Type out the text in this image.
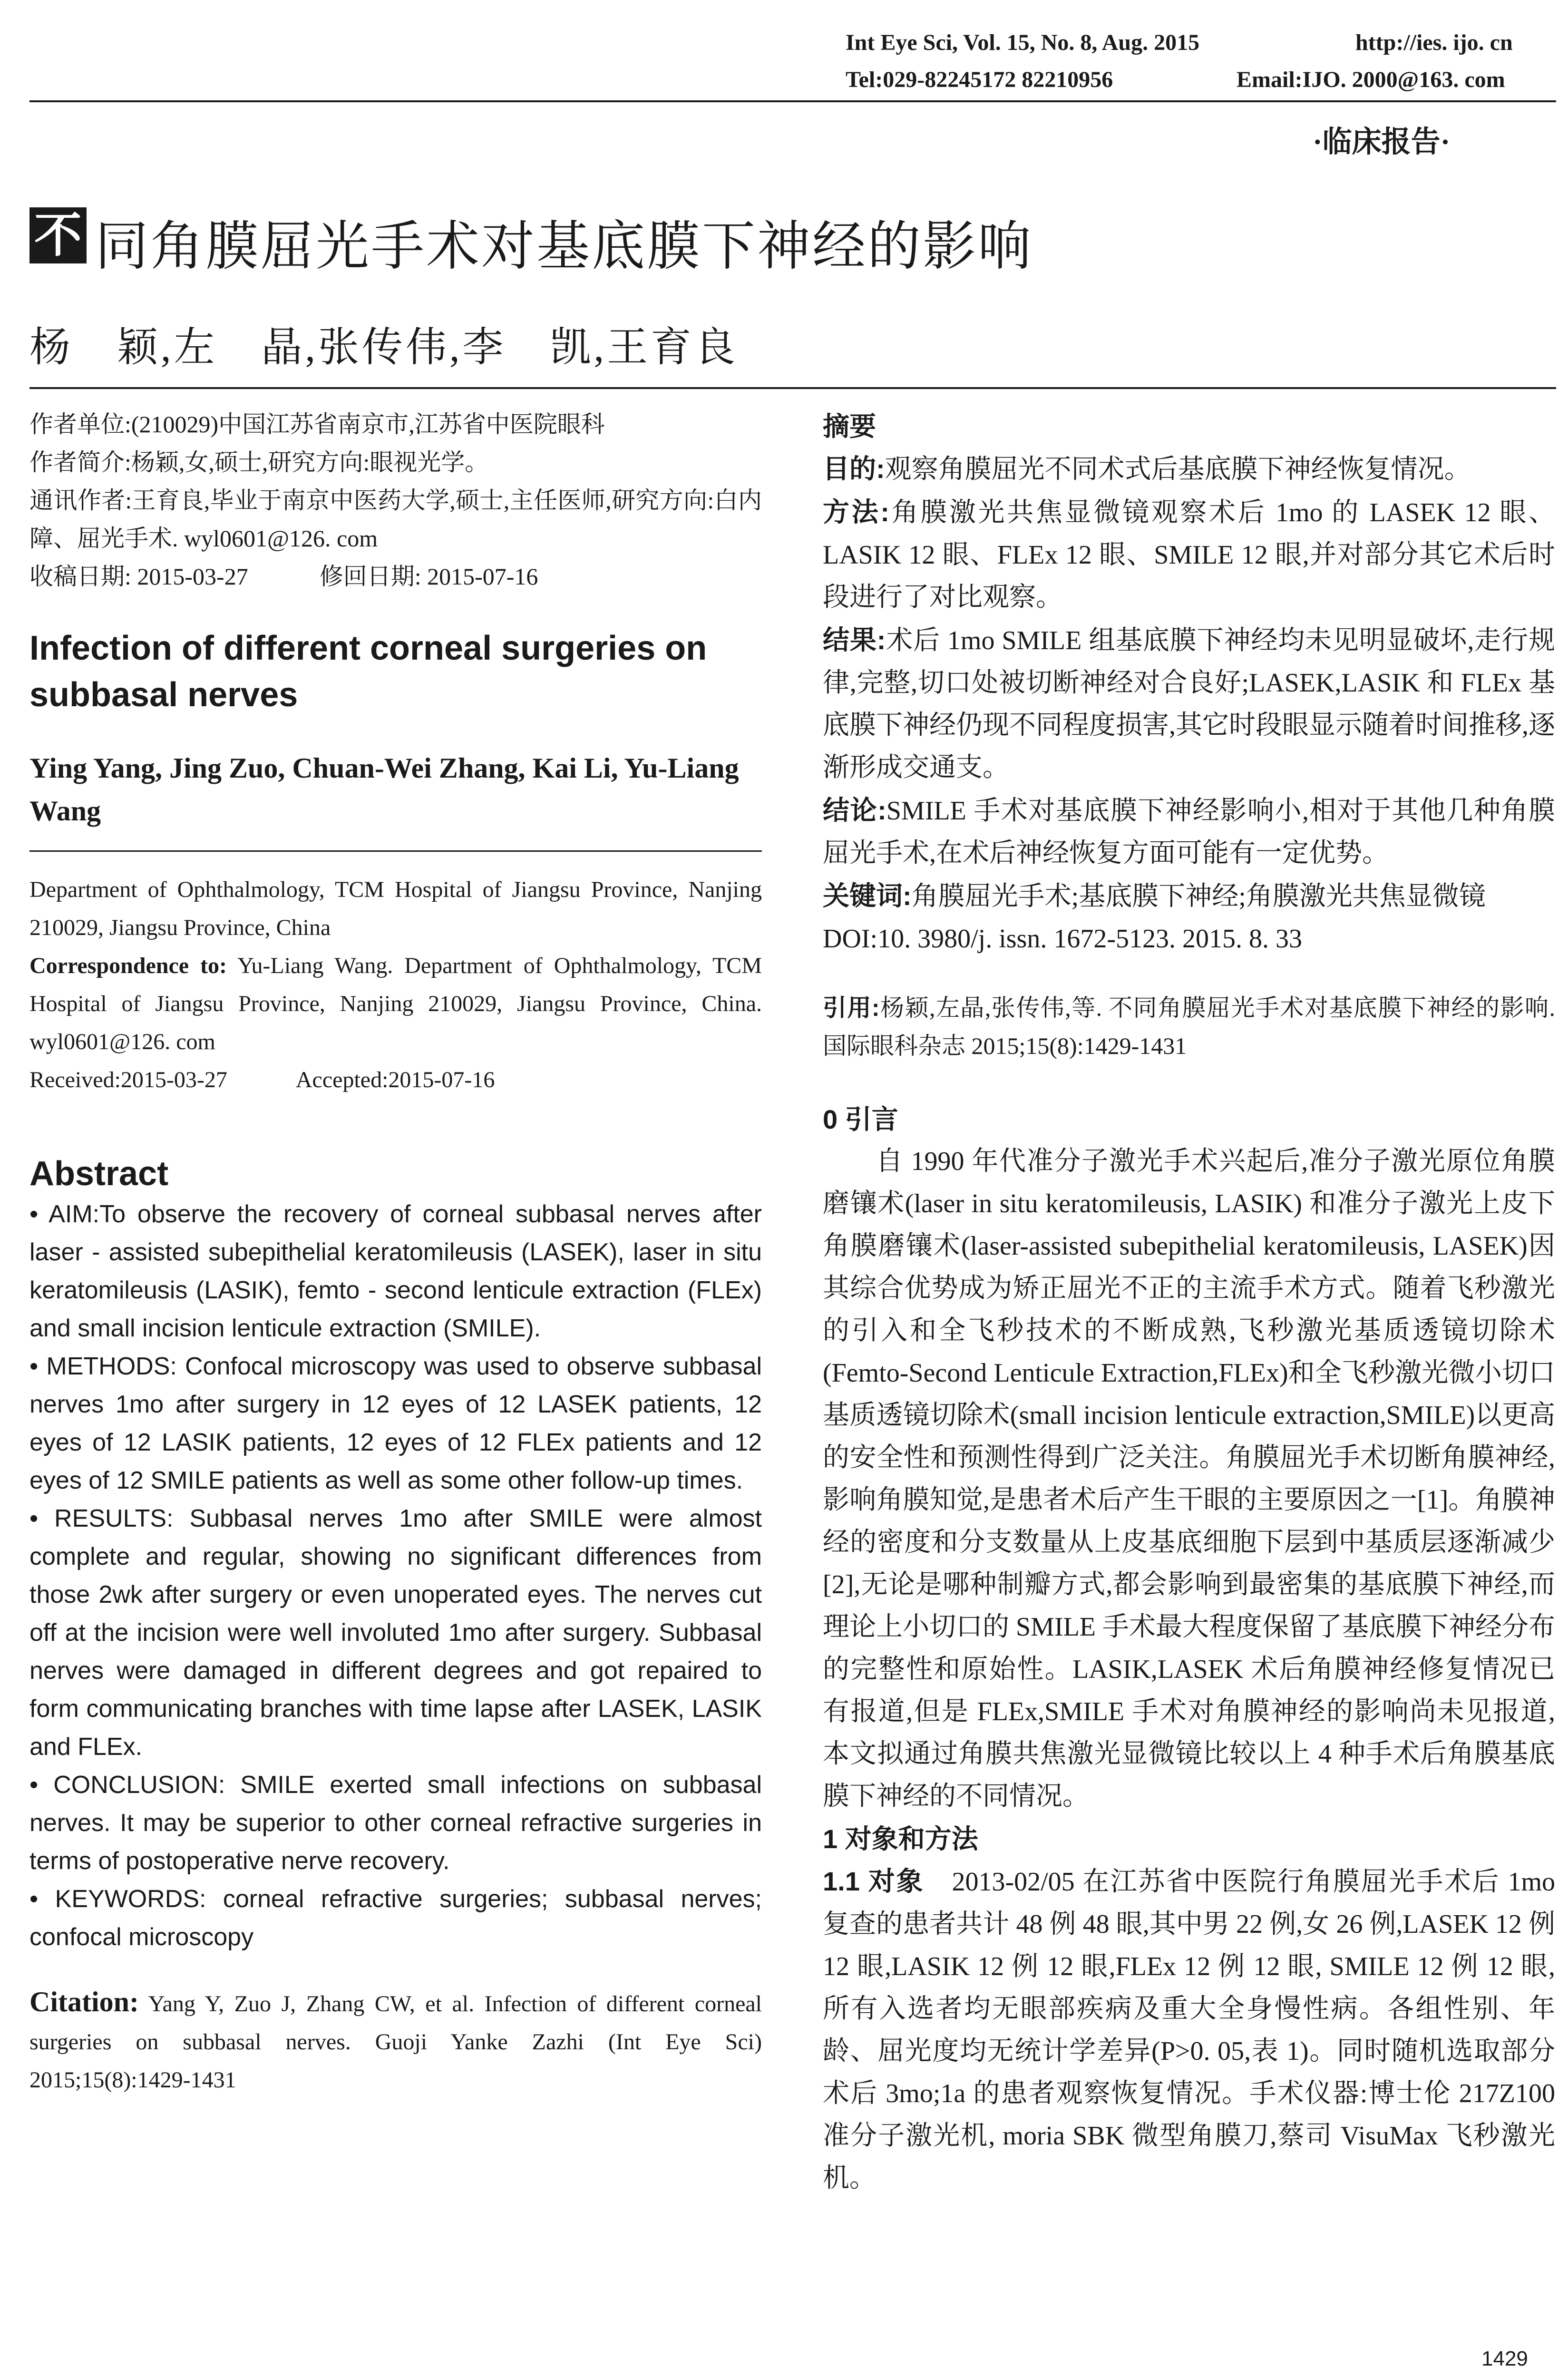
Int Eye Sci, Vol. 15, No. 8, Aug. 2015	http://ies. ijo. cn
Tel:029-82245172 82210956	Email:IJO. 2000@163. com
·临床报告·
不 同角膜屈光手术对基底膜下神经的影响
杨　颖,左　晶,张传伟,李　凯,王育良
作者单位:(210029)中国江苏省南京市,江苏省中医院眼科
作者简介:杨颖,女,硕士,研究方向:眼视光学。
通讯作者:王育良,毕业于南京中医药大学,硕士,主任医师,研究方向:白内障、屈光手术. wyl0601@126. com
收稿日期: 2015-03-27　　　修回日期: 2015-07-16
Infection of different corneal surgeries on subbasal nerves
Ying Yang, Jing Zuo, Chuan-Wei Zhang, Kai Li, Yu-Liang Wang
Department of Ophthalmology, TCM Hospital of Jiangsu Province, Nanjing 210029, Jiangsu Province, China
Correspondence to: Yu-Liang Wang. Department of Ophthalmology, TCM Hospital of Jiangsu Province, Nanjing 210029, Jiangsu Province, China. wyl0601@126. com
Received:2015-03-27　　　Accepted:2015-07-16
Abstract
• AIM:To observe the recovery of corneal subbasal nerves after laser - assisted subepithelial keratomileusis (LASEK), laser in situ keratomileusis (LASIK), femto - second lenticule extraction (FLEx) and small incision lenticule extraction (SMILE).
• METHODS: Confocal microscopy was used to observe subbasal nerves 1mo after surgery in 12 eyes of 12 LASEK patients, 12 eyes of 12 LASIK patients, 12 eyes of 12 FLEx patients and 12 eyes of 12 SMILE patients as well as some other follow-up times.
• RESULTS: Subbasal nerves 1mo after SMILE were almost complete and regular, showing no significant differences from those 2wk after surgery or even unoperated eyes. The nerves cut off at the incision were well involuted 1mo after surgery. Subbasal nerves were damaged in different degrees and got repaired to form communicating branches with time lapse after LASEK, LASIK and FLEx.
• CONCLUSION: SMILE exerted small infections on subbasal nerves. It may be superior to other corneal refractive surgeries in terms of postoperative nerve recovery.
• KEYWORDS: corneal refractive surgeries; subbasal nerves; confocal microscopy
Citation: Yang Y, Zuo J, Zhang CW, et al. Infection of different corneal surgeries on subbasal nerves. Guoji Yanke Zazhi (Int Eye Sci) 2015;15(8):1429-1431
摘要
目的:观察角膜屈光不同术式后基底膜下神经恢复情况。
方法:角膜激光共焦显微镜观察术后 1mo 的 LASEK 12 眼、LASIK 12 眼、FLEx 12 眼、SMILE 12 眼,并对部分其它术后时段进行了对比观察。
结果:术后 1mo SMILE 组基底膜下神经均未见明显破坏,走行规律,完整,切口处被切断神经对合良好;LASEK,LASIK 和 FLEx 基底膜下神经仍现不同程度损害,其它时段眼显示随着时间推移,逐渐形成交通支。
结论:SMILE 手术对基底膜下神经影响小,相对于其他几种角膜屈光手术,在术后神经恢复方面可能有一定优势。
关键词:角膜屈光手术;基底膜下神经;角膜激光共焦显微镜
DOI:10. 3980/j. issn. 1672-5123. 2015. 8. 33
引用:杨颖,左晶,张传伟,等. 不同角膜屈光手术对基底膜下神经的影响. 国际眼科杂志 2015;15(8):1429-1431
0 引言
自 1990 年代准分子激光手术兴起后,准分子激光原位角膜磨镶术(laser in situ keratomileusis, LASIK) 和准分子激光上皮下角膜磨镶术(laser-assisted subepithelial keratomileusis, LASEK)因其综合优势成为矫正屈光不正的主流手术方式。随着飞秒激光的引入和全飞秒技术的不断成熟,飞秒激光基质透镜切除术(Femto-Second Lenticule Extraction,FLEx)和全飞秒激光微小切口基质透镜切除术(small incision lenticule extraction,SMILE)以更高的安全性和预测性得到广泛关注。角膜屈光手术切断角膜神经,影响角膜知觉,是患者术后产生干眼的主要原因之一[1]。角膜神经的密度和分支数量从上皮基底细胞下层到中基质层逐渐减少[2],无论是哪种制瓣方式,都会影响到最密集的基底膜下神经,而理论上小切口的 SMILE 手术最大程度保留了基底膜下神经分布的完整性和原始性。LASIK,LASEK 术后角膜神经修复情况已有报道,但是 FLEx,SMILE 手术对角膜神经的影响尚未见报道,本文拟通过角膜共焦激光显微镜比较以上 4 种手术后角膜基底膜下神经的不同情况。
1 对象和方法
1.1 对象　 2013-02/05 在江苏省中医院行角膜屈光手术后 1mo 复查的患者共计 48 例 48 眼,其中男 22 例,女 26 例,LASEK 12 例 12 眼,LASIK 12 例 12 眼,FLEx 12 例 12 眼, SMILE 12 例 12 眼,所有入选者均无眼部疾病及重大全身慢性病。各组性别、年龄、屈光度均无统计学差异(P>0. 05,表 1)。同时随机选取部分术后 3mo;1a 的患者观察恢复情况。手术仪器:博士伦 217Z100 准分子激光机, moria SBK 微型角膜刀,蔡司 VisuMax 飞秒激光机。
1429
